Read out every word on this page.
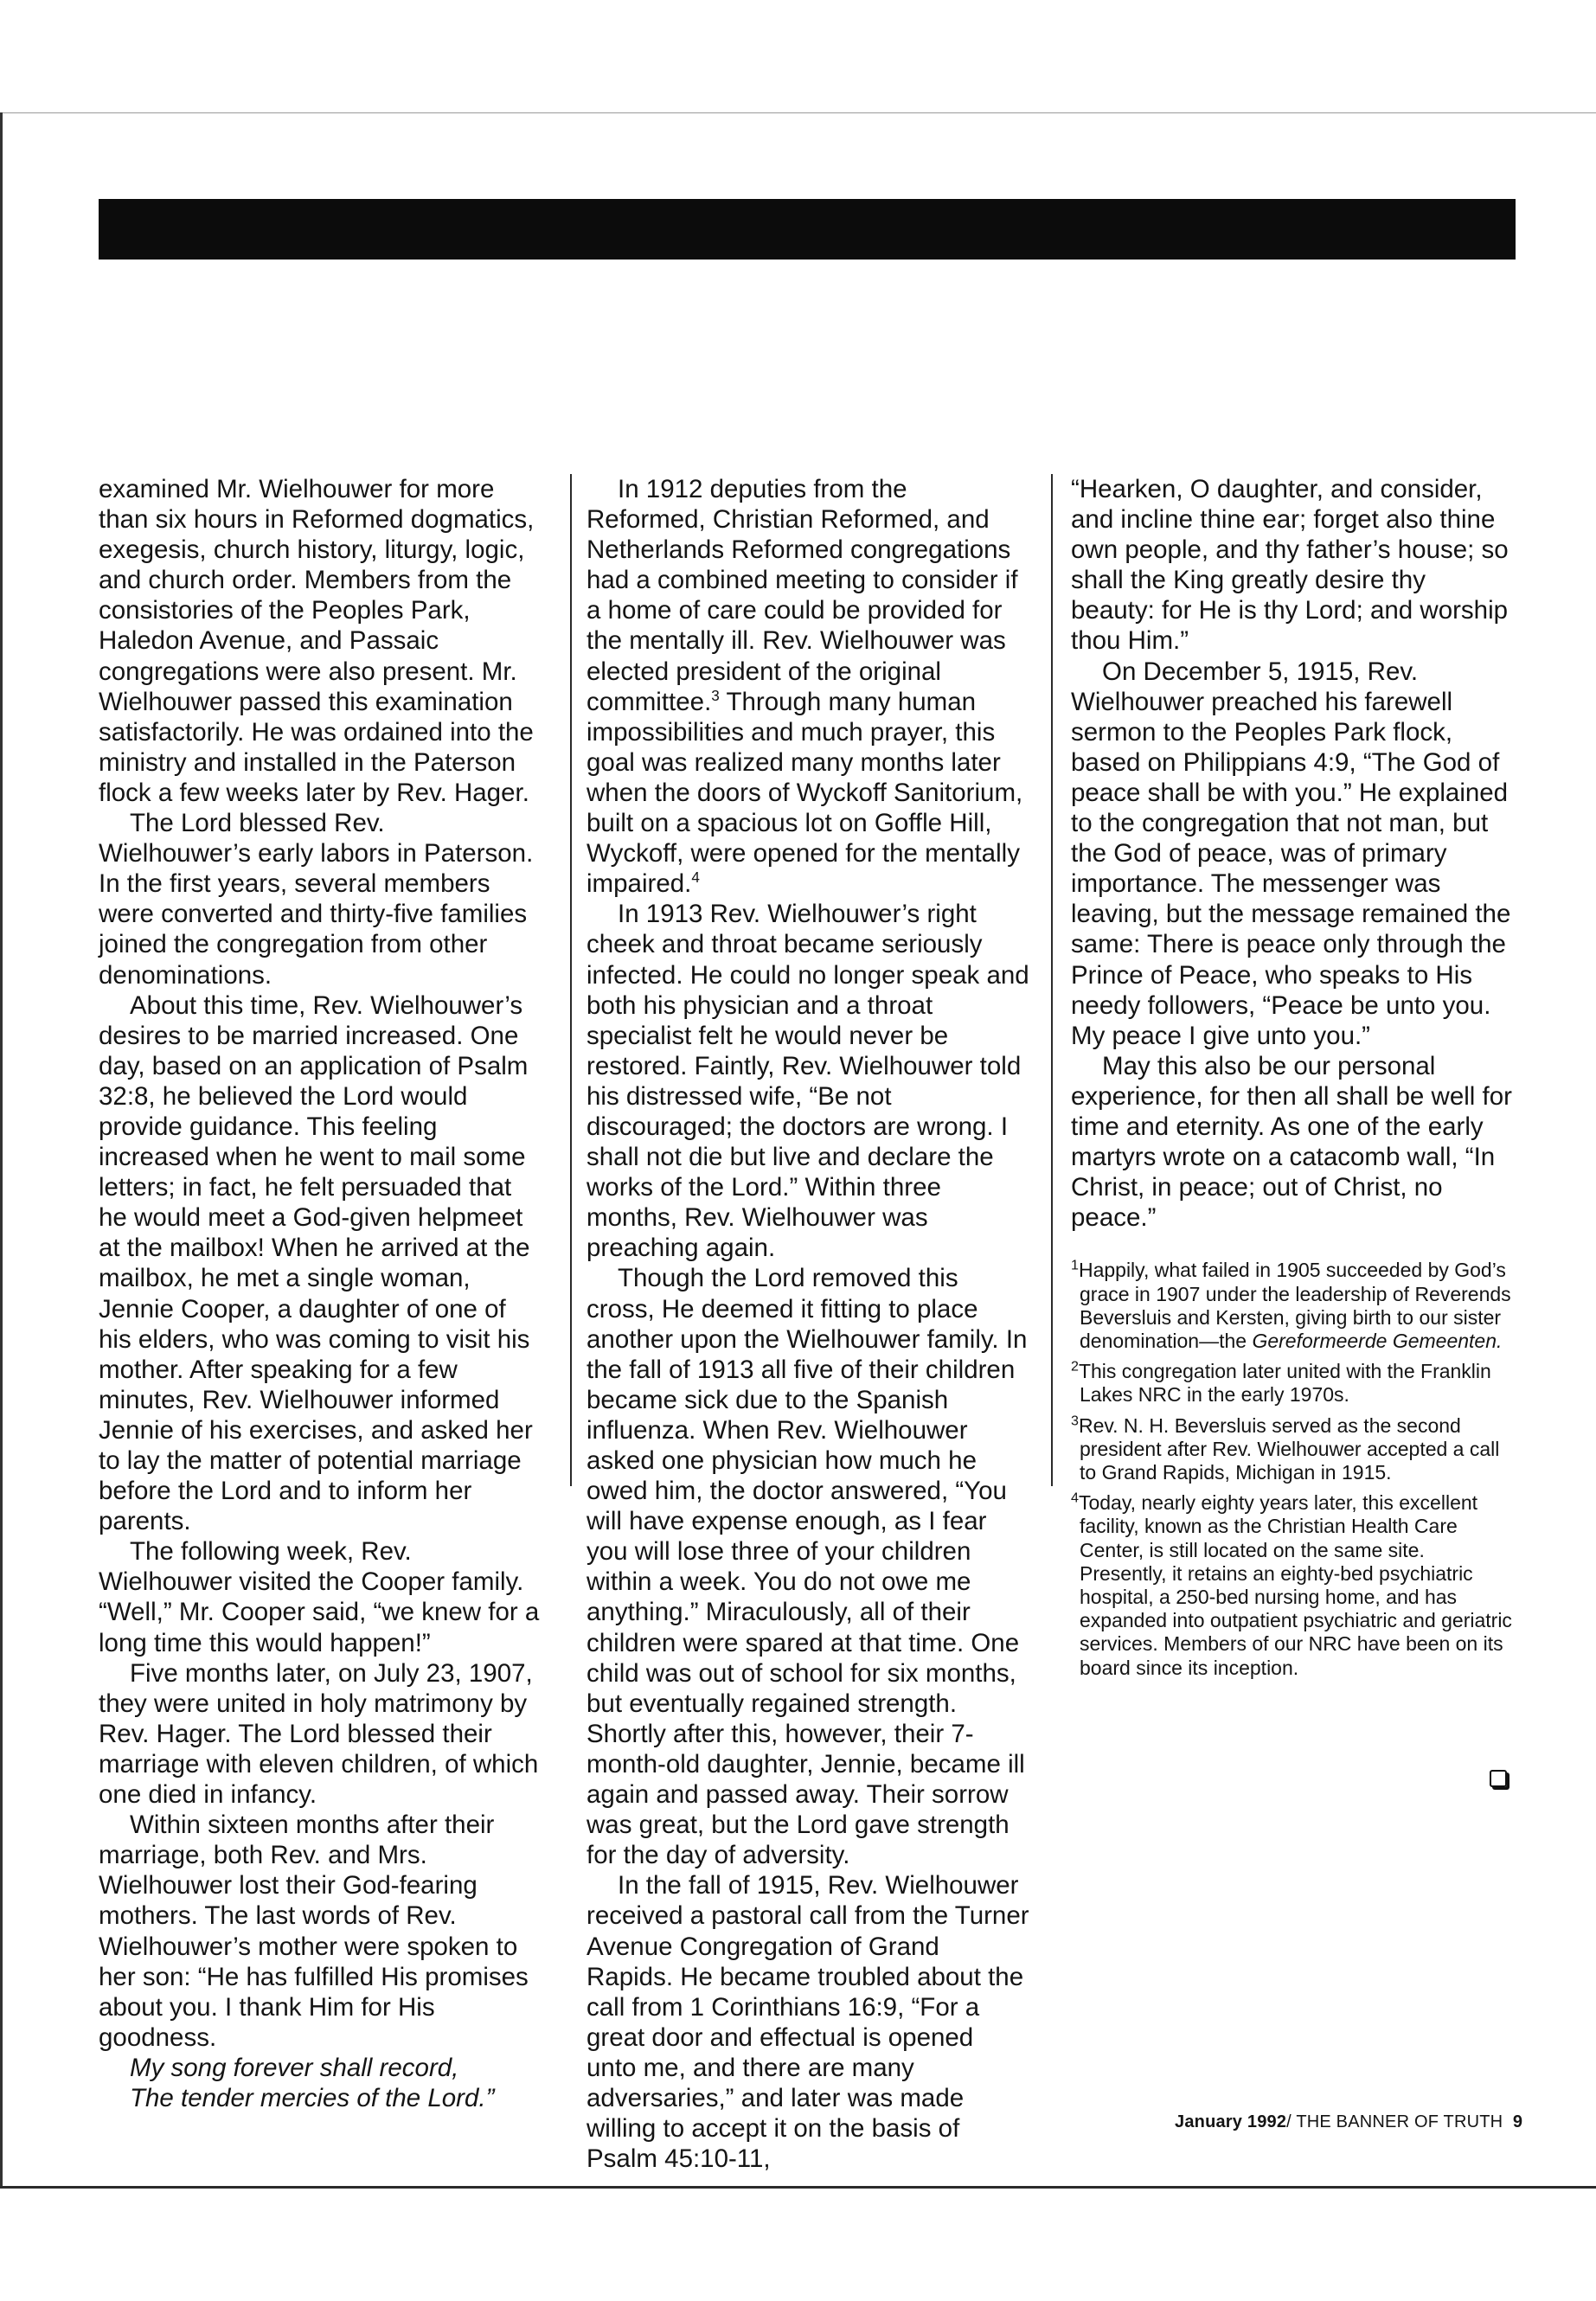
examined Mr. Wielhouwer for more than six hours in Reformed dogmatics, exegesis, church history, liturgy, logic, and church order. Members from the consistories of the Peoples Park, Haledon Avenue, and Passaic congregations were also present. Mr. Wielhouwer passed this examination satisfactorily. He was ordained into the ministry and installed in the Paterson flock a few weeks later by Rev. Hager.

The Lord blessed Rev. Wielhouwer’s early labors in Paterson. In the first years, several members were converted and thirty-five families joined the congregation from other denominations.

About this time, Rev. Wielhouwer’s desires to be married increased. One day, based on an application of Psalm 32:8, he believed the Lord would provide guidance. This feeling increased when he went to mail some letters; in fact, he felt persuaded that he would meet a God-given helpmeet at the mailbox! When he arrived at the mailbox, he met a single woman, Jennie Cooper, a daughter of one of his elders, who was coming to visit his mother. After speaking for a few minutes, Rev. Wielhouwer informed Jennie of his exercises, and asked her to lay the matter of potential marriage before the Lord and to inform her parents.

The following week, Rev. Wielhouwer visited the Cooper family. “Well,” Mr. Cooper said, “we knew for a long time this would happen!”

Five months later, on July 23, 1907, they were united in holy matrimony by Rev. Hager. The Lord blessed their marriage with eleven children, of which one died in infancy.

Within sixteen months after their marriage, both Rev. and Mrs. Wielhouwer lost their God-fearing mothers. The last words of Rev. Wielhouwer’s mother were spoken to her son: “He has fulfilled His promises about you. I thank Him for His goodness.

My song forever shall record,

The tender mercies of the Lord.”

In 1912 deputies from the Reformed, Christian Reformed, and Netherlands Reformed congregations had a combined meeting to consider if a home of care could be provided for the mentally ill. Rev. Wielhouwer was elected president of the original committee.$^3$ Through many human impossibilities and much prayer, this goal was realized many months later when the doors of Wyckoff Sanitorium, built on a spacious lot on Goffle Hill, Wyckoff, were opened for the mentally impaired.$^4$

In 1913 Rev. Wielhouwer’s right cheek and throat became seriously infected. He could no longer speak and both his physician and a throat specialist felt he would never be restored. Faintly, Rev. Wielhouwer told his distressed wife, “Be not discouraged; the doctors are wrong. I shall not die but live and declare the works of the Lord.” Within three months, Rev. Wielhouwer was preaching again.

Though the Lord removed this cross, He deemed it fitting to place another upon the Wielhouwer family. In the fall of 1913 all five of their children became sick due to the Spanish influenza. When Rev. Wielhouwer asked one physician how much he owed him, the doctor answered, “You will have expense enough, as I fear you will lose three of your children within a week. You do not owe me anything.” Miraculously, all of their children were spared at that time. One child was out of school for six months, but eventually regained strength. Shortly after this, however, their 7-month-old daughter, Jennie, became ill again and passed away. Their sorrow was great, but the Lord gave strength for the day of adversity.

In the fall of 1915, Rev. Wielhouwer received a pastoral call from the Turner Avenue Congregation of Grand Rapids. He became troubled about the call from 1 Corinthians 16:9, “For a great door and effectual is opened unto me, and there are many adversaries,” and later was made willing to accept it on the basis of Psalm 45:10-11,

“Hearken, O daughter, and consider, and incline thine ear; forget also thine own people, and thy father’s house; so shall the King greatly desire thy beauty: for He is thy Lord; and worship thou Him.”

On December 5, 1915, Rev. Wielhouwer preached his farewell sermon to the Peoples Park flock, based on Philippians 4:9, “The God of peace shall be with you.” He explained to the congregation that not man, but the God of peace, was of primary importance. The messenger was leaving, but the message remained the same: There is peace only through the Prince of Peace, who speaks to His needy followers, “Peace be unto you. My peace I give unto you.”

May this also be our personal experience, for then all shall be well for time and eternity. As one of the early martyrs wrote on a catacomb wall, “In Christ, in peace; out of Christ, no peace.”

$^1$Happily, what failed in 1905 succeeded by God’s grace in 1907 under the leadership of Reverends Beversluis and Kersten, giving birth to our sister denomination—the Gereformeerde Gemeenten.

$^2$This congregation later united with the Franklin Lakes NRC in the early 1970s.

$^3$Rev. N. H. Beversluis served as the second president after Rev. Wielhouwer accepted a call to Grand Rapids, Michigan in 1915.

$^4$Today, nearly eighty years later, this excellent facility, known as the Christian Health Care Center, is still located on the same site. Presently, it retains an eighty-bed psychiatric hospital, a 250-bed nursing home, and has expanded into outpatient psychiatric and geriatric services. Members of our NRC have been on its board since its inception.

January 1992/ THE BANNER OF TRUTH 9
